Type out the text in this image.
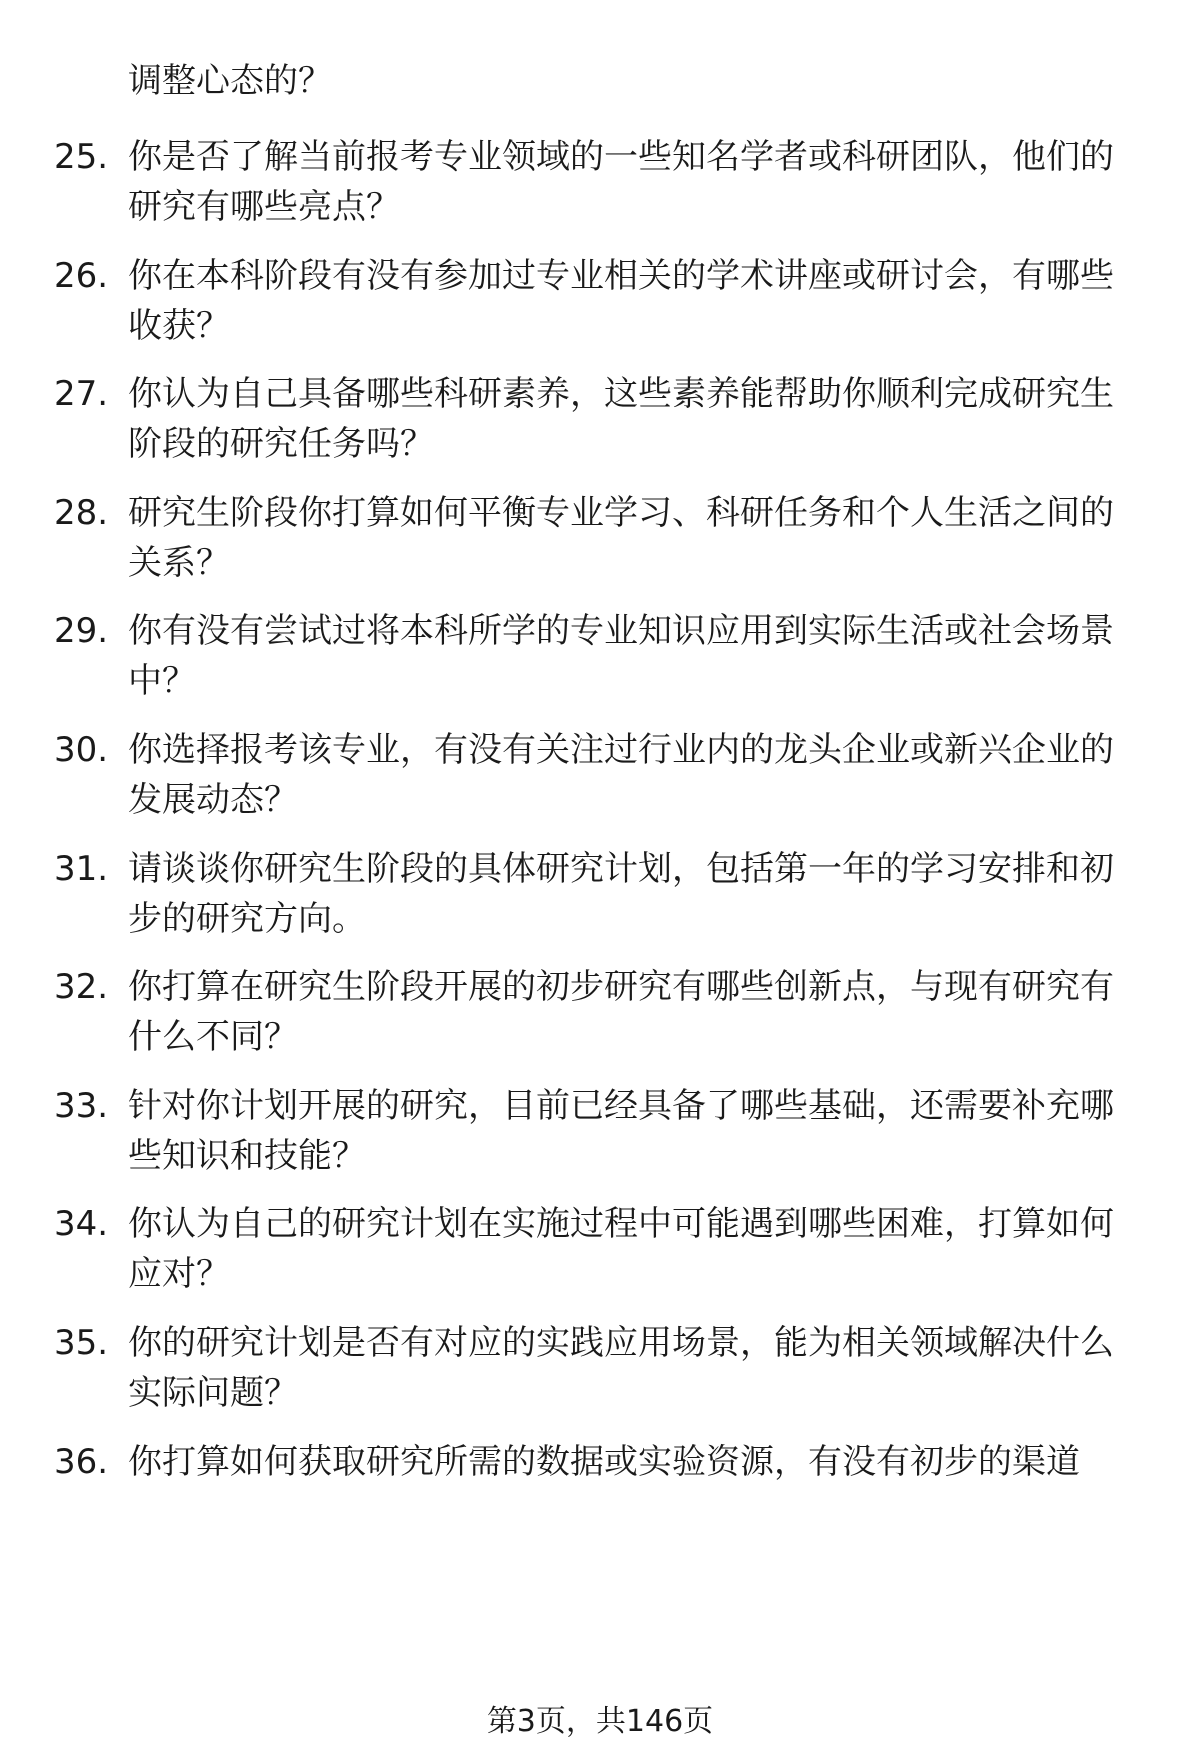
调整心态的？
25. 你是否了解当前报考专业领域的一些知名学者或科研团队，他们的研究有哪些亮点？
26. 你在本科阶段有没有参加过专业相关的学术讲座或研讨会，有哪些收获？
27. 你认为自己具备哪些科研素养，这些素养能帮助你顺利完成研究生阶段的研究任务吗？
28. 研究生阶段你打算如何平衡专业学习、科研任务和个人生活之间的关系？
29. 你有没有尝试过将本科所学的专业知识应用到实际生活或社会场景中？
30. 你选择报考该专业，有没有关注过行业内的龙头企业或新兴企业的发展动态？
31. 请谈谈你研究生阶段的具体研究计划，包括第一年的学习安排和初步的研究方向。
32. 你打算在研究生阶段开展的初步研究有哪些创新点，与现有研究有什么不同？
33. 针对你计划开展的研究，目前已经具备了哪些基础，还需要补充哪些知识和技能？
34. 你认为自己的研究计划在实施过程中可能遇到哪些困难，打算如何应对？
35. 你的研究计划是否有对应的实践应用场景，能为相关领域解决什么实际问题？
36. 你打算如何获取研究所需的数据或实验资源，有没有初步的渠道
第3页，共146页
